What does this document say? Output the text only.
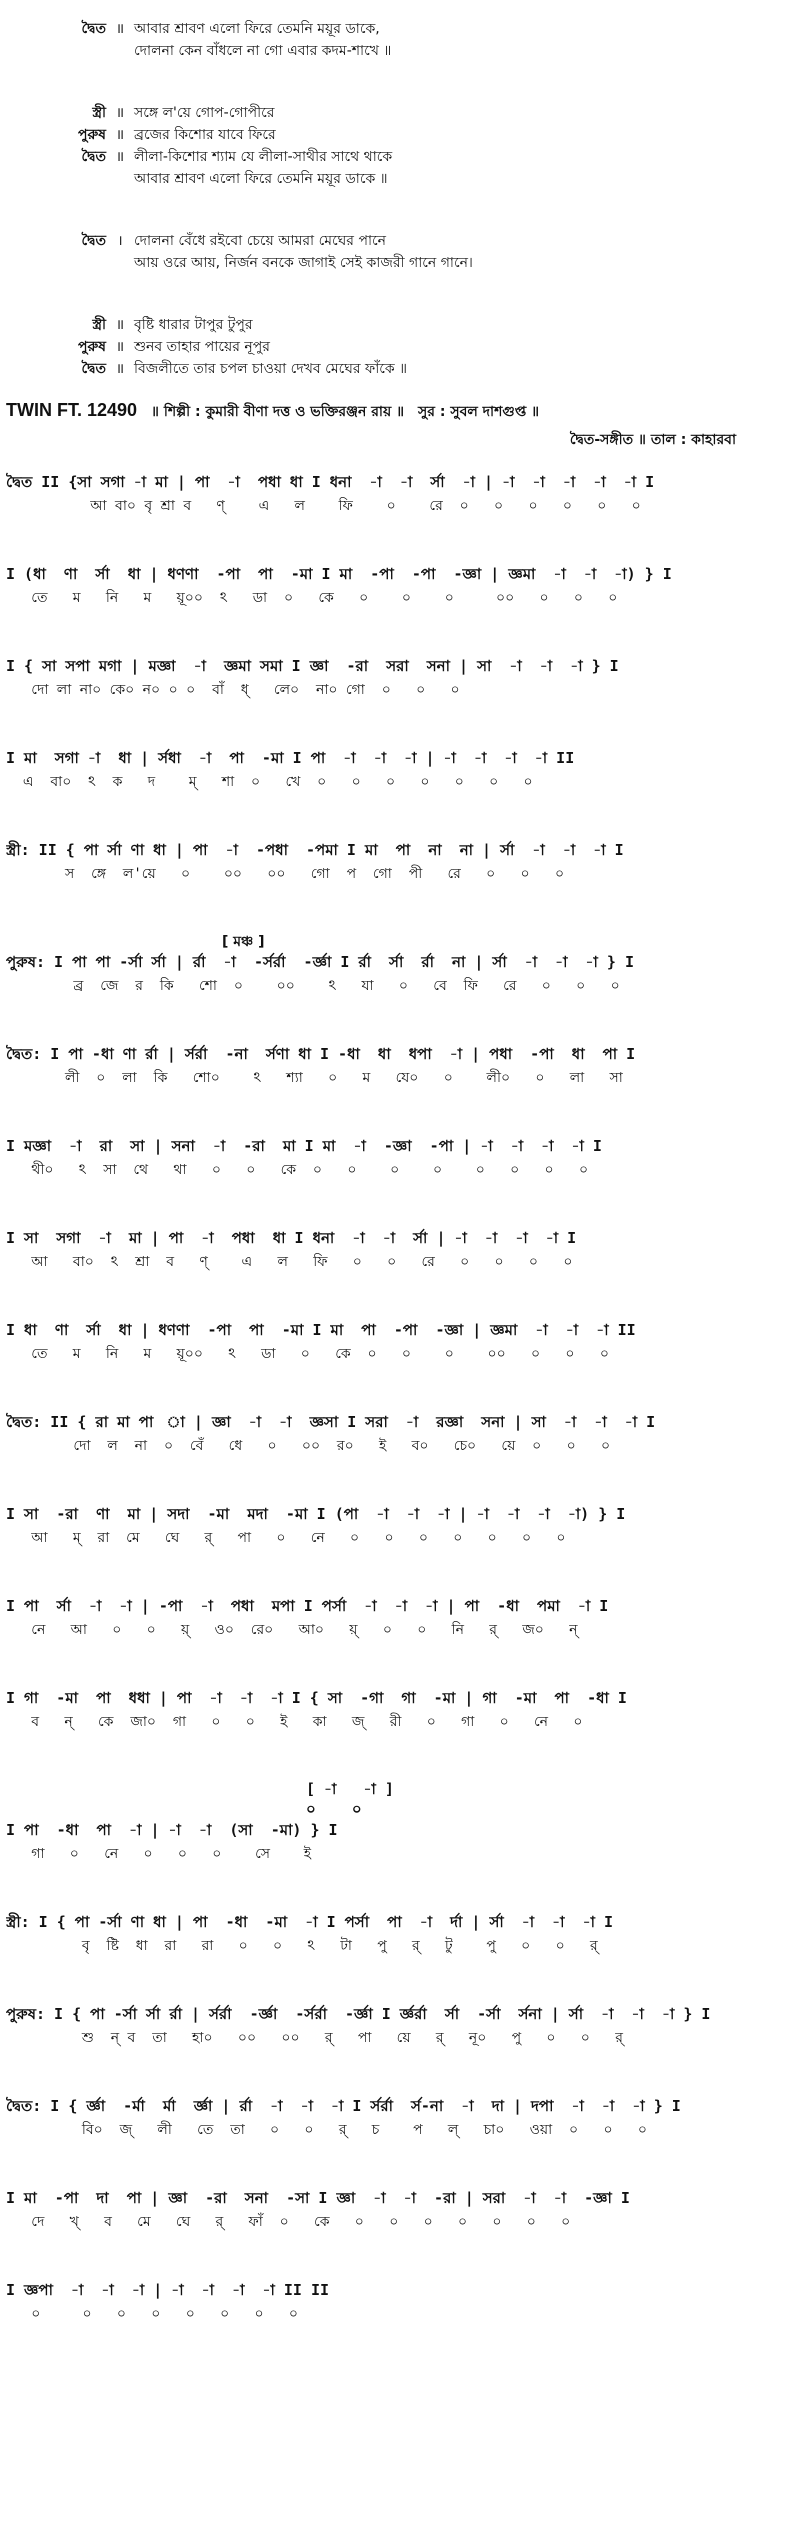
দ্বৈত ॥ আবার শ্রাবণ এলো ফিরে তেমনি ময়ূর ডাকে,
দোলনা কেন বাঁধলে না গো এবার কদম-শাখে ॥
স্ত্রী ॥ সঙ্গে ল'য়ে গোপ-গোপীরে
পুরুষ ॥ ব্রজের কিশোর যাবে ফিরে
দ্বৈত ॥ লীলা-কিশোর শ্যাম যে লীলা-সাথীর সাথে থাকে
আবার শ্রাবণ এলো ফিরে তেমনি ময়ূর ডাকে ॥
দ্বৈত । দোলনা বেঁধে রইবো চেয়ে আমরা মেঘের পানে
আয় ওরে আয়, নির্জন বনকে জাগাই সেই কাজরী গানে গানে।
স্ত্রী ॥ বৃষ্টি ধারার টাপুর টুপুর
পুরুষ ॥ শুনব তাহার পায়ের নূপুর
দ্বৈত ॥ বিজলীতে তার চপল চাওয়া দেখব মেঘের ফাঁকে ॥
TWIN FT. 12490 ॥ শিল্পী : কুমারী বীণা দত্ত ও ভক্তিরঞ্জন রায় ॥ সুর : সুবল দাশগুপ্ত ॥
দ্বৈত-সঙ্গীত ॥ তাল : কাহারবা
দ্বৈত II {সা সগা -া মা | পা  -া  পধা ধা I ধনা  -া  -া  র্সা  -া | -া  -া  -া  -া  -া I
আ বা০ বৃ শ্রা ব   ণ্    এ   ল    ফি    ০    রে  ০   ০   ০   ০   ০   ০
I (ধা  ণা  র্সা  ধা | ধণণা  -পা  পা  -মা I মা  -পা  -পা  -জ্ঞা | জ্ঞমা  -া  -া  -া) } I
তে   ম   নি   ম   য়ূ০০  ঽ   ডা  ০   কে   ০    ০    ০     ০০   ০   ০   ০
I { সা সপা মগা | মজ্ঞা  -া  জ্ঞমা সমা I জ্ঞা  -রা  সরা  সনা | সা  -া  -া  -া } I
দো লা না০ কে০ ন০ ০ ০  বাঁ  ধ্   লে০  না০ গো  ০   ০   ০
I মা  সগা -া  ধা | র্সধা  -া  পা  -মা I পা  -া  -া  -া | -া  -া  -া  -া II
এ  বা০  ঽ  ক   দ    ম্   শা  ০   খে  ০   ০   ০   ০   ০   ০   ০
স্ত্রী: II { পা র্সা ণা ধা | পা  -া  -পধা  -পমা I মা  পা  না  না | র্সা  -া  -া  -া I
স  ঙ্গে  ল'য়ে   ০    ০০   ০০   গো  প  গো  পী   রে   ০   ০   ০
[ মঞ্চ ]
পুরুষ: I পা পা -র্সা র্সা | র্রা  -া  -র্সর্রা  -র্জ্ঞা I র্রা  র্সা  র্রা  না | র্সা  -া  -া  -া } I
ব্র  জে  র  কি   শো  ০    ০০    ঽ   যা   ০   বে  ফি   রে   ০   ০   ০
দ্বৈত: I পা -ধা ণা র্রা | র্সর্রা  -না  র্সণা ধা I -ধা  ধা  ধপা  -া | পধা  -পা  ধা  পা I
লী  ০  লা  কি   শো০    ঽ   শ্যা   ০   ম   যে০   ০    লী০   ০   লা   সা
I মজ্ঞা  -া  রা  সা | সনা  -া  -রা  মা I মা  -া  -জ্ঞা  -পা | -া  -া  -া  -া I
থী০   ঽ  সা  থে   থা   ০   ০   কে  ০   ০    ০    ০    ০   ০   ০   ০
I সা  সগা  -া  মা | পা  -া  পধা  ধা I ধনা  -া  -া  র্সা | -া  -া  -া  -া I
আ   বা০  ঽ  শ্রা  ব   ণ্    এ   ল   ফি   ০   ০   রে   ০   ০   ০   ০
I ধা  ণা  র্সা  ধা | ধণণা  -পা  পা  -মা I মা  পা  -পা  -জ্ঞা | জ্ঞমা  -া  -া  -া II
তে   ম   নি   ম   য়ূ০০   ঽ   ডা   ০   কে  ০   ০    ০    ০০   ০   ০   ০
দ্বৈত: II { রা মা পা  া | জ্ঞা  -া  -া  জ্ঞসা I সরা  -া  রজ্ঞা  সনা | সা  -া  -া  -া I
দো  ল  না  ০  বেঁ   ধে   ০   ০০  র০   ই   ব০   চে০   য়ে  ০   ০   ০
I সা  -রা  ণা  মা | সদা  -মা  মদা  -মা I (পা  -া  -া  -া | -া  -া  -া  -া) } I
আ   ম্  রা  মে   ঘে   র্   পা   ০   নে   ০   ০   ০   ০   ০   ০   ০
I পা  র্সা  -া  -া | -পা  -া  পধা  মপা I পর্সা  -া  -া  -া | পা  -ধা  পমা  -া I
নে   আ   ০   ০   য়্   ও০  রে০   আ০   য়্   ০   ০   নি   র্   জ০   ন্
I গা  -মা  পা  ধধা | পা  -া  -া  -া I { সা  -গা  গা  -মা | গা  -মা  পা  -ধা I
ব   ন্   কে  জা০  গা   ০   ০   ই   কা   জ্   রী   ০   গা   ০   নে   ০
[ -া   -া ]
০    ০
I পা  -ধা  পা  -া | -া  -া  (সা  -মা) } I
গা   ০   নে   ০   ০   ০    সে    ই
স্ত্রী: I { পা -র্সা ণা ধা | পা  -ধা  -মা  -া I পর্সা  পা  -া  র্দা | র্সা  -া  -া  -া I
বৃ  ষ্টি  ধা  রা   রা   ০   ০   ঽ   টা   পু   র্   টু    পু   ০   ০   র্
পুরুষ: I { পা -র্সা র্সা র্রা | র্সর্রা  -র্জ্ঞা  -র্সর্রা  -র্জ্ঞা I র্জ্ঞর্রা  র্সা  -র্সা  র্সনা | র্সা  -া  -া  -া } I
শু  ন্‌ ব  তা   হা০   ০০   ০০   র্   পা   য়ে   র্   নূ০   পু   ০   ০   র্
দ্বৈত: I { র্জ্ঞা  -র্মা  র্মা  র্জ্ঞা | র্রা  -া  -া  -া I র্সর্রা  র্স-না  -া  দা | দপা  -া  -া  -া } I
বি০  জ্   লী   তে  তা   ০   ০   র্   চ    প   ল্   চা০   ওয়া  ০   ০   ০
I মা  -পা  দা  পা | জ্ঞা  -রা  সনা  -সা I জ্ঞা  -া  -া  -রা | সরা  -া  -া  -জ্ঞা I
দে   খ্   ব   মে   ঘে   র্   ফাঁ  ০   কে   ০   ০   ০   ০   ০   ০   ০
I জ্ঞপা  -া  -া  -া | -া  -া  -া  -া II II
০     ০   ০   ০   ০   ০   ০   ০
